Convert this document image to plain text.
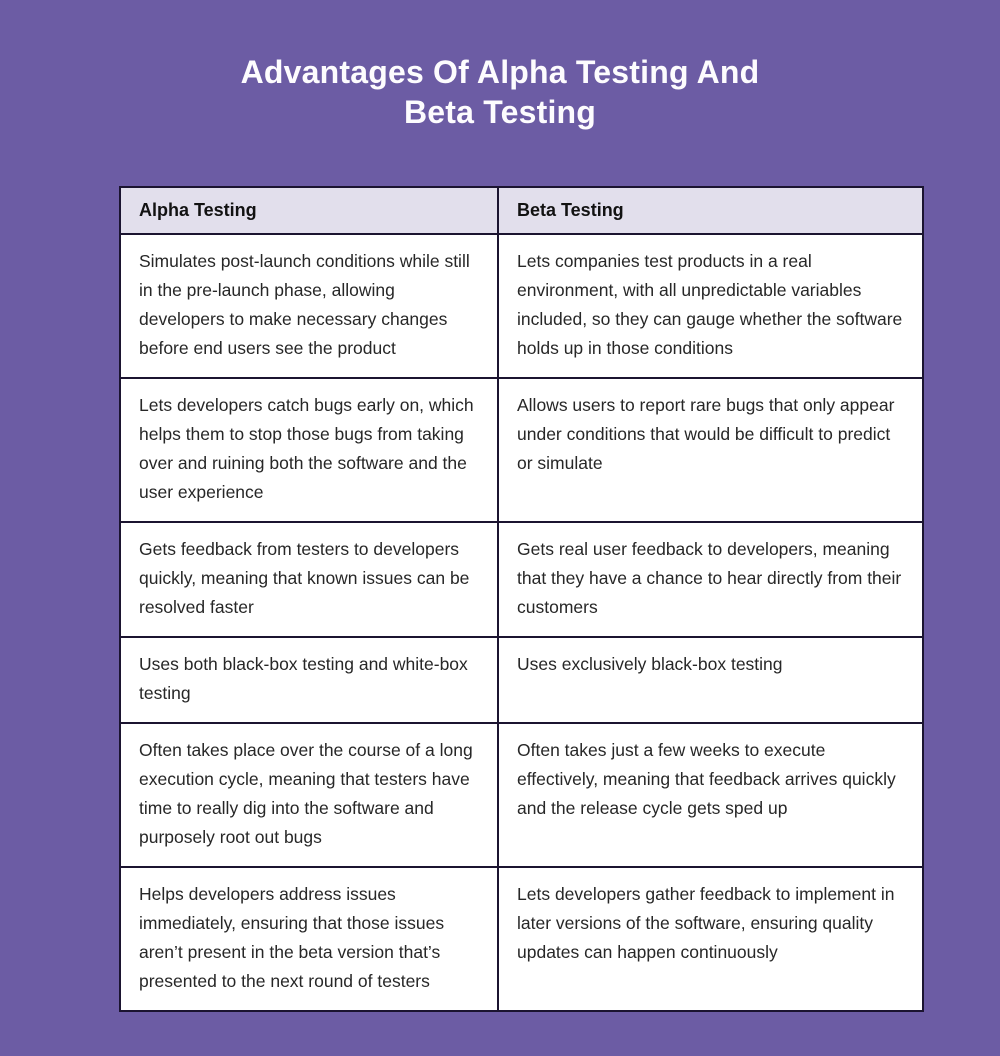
Advantages Of Alpha Testing And
Beta Testing
Alpha Testing	Beta Testing
Simulates post-launch conditions while still in the pre-launch phase, allowing developers to make necessary changes before end users see the product	Lets companies test products in a real environment, with all unpredictable variables included, so they can gauge whether the software holds up in those conditions
Lets developers catch bugs early on, which helps them to stop those bugs from taking over and ruining both the software and the user experience	Allows users to report rare bugs that only appear under conditions that would be difficult to predict or simulate
Gets feedback from testers to developers quickly, meaning that known issues can be resolved faster	Gets real user feedback to developers, meaning that they have a chance to hear directly from their customers
Uses both black-box testing and white-box testing	Uses exclusively black-box testing
Often takes place over the course of a long execution cycle, meaning that testers have time to really dig into the software and purposely root out bugs	Often takes just a few weeks to execute effectively, meaning that feedback arrives quickly and the release cycle gets sped up
Helps developers address issues immediately, ensuring that those issues aren’t present in the beta version that’s presented to the next round of testers	Lets developers gather feedback to implement in later versions of the software, ensuring quality updates can happen continuously
